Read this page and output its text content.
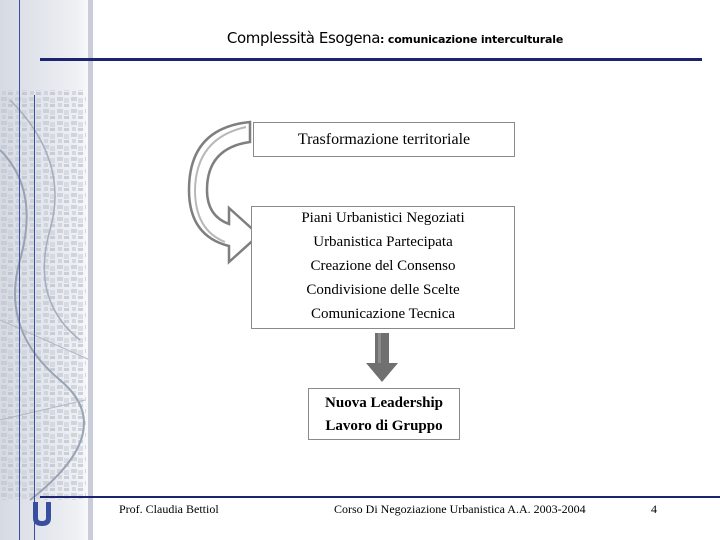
Complessità Esogena: comunicazione interculturale
Trasformazione territoriale
Piani Urbanistici Negoziati
Urbanistica Partecipata
Creazione del Consenso
Condivisione delle Scelte
Comunicazione Tecnica
Nuova Leadership
Lavoro di Gruppo
Prof. Claudia Bettiol	Corso Di Negoziazione Urbanistica A.A. 2003-2004	4
